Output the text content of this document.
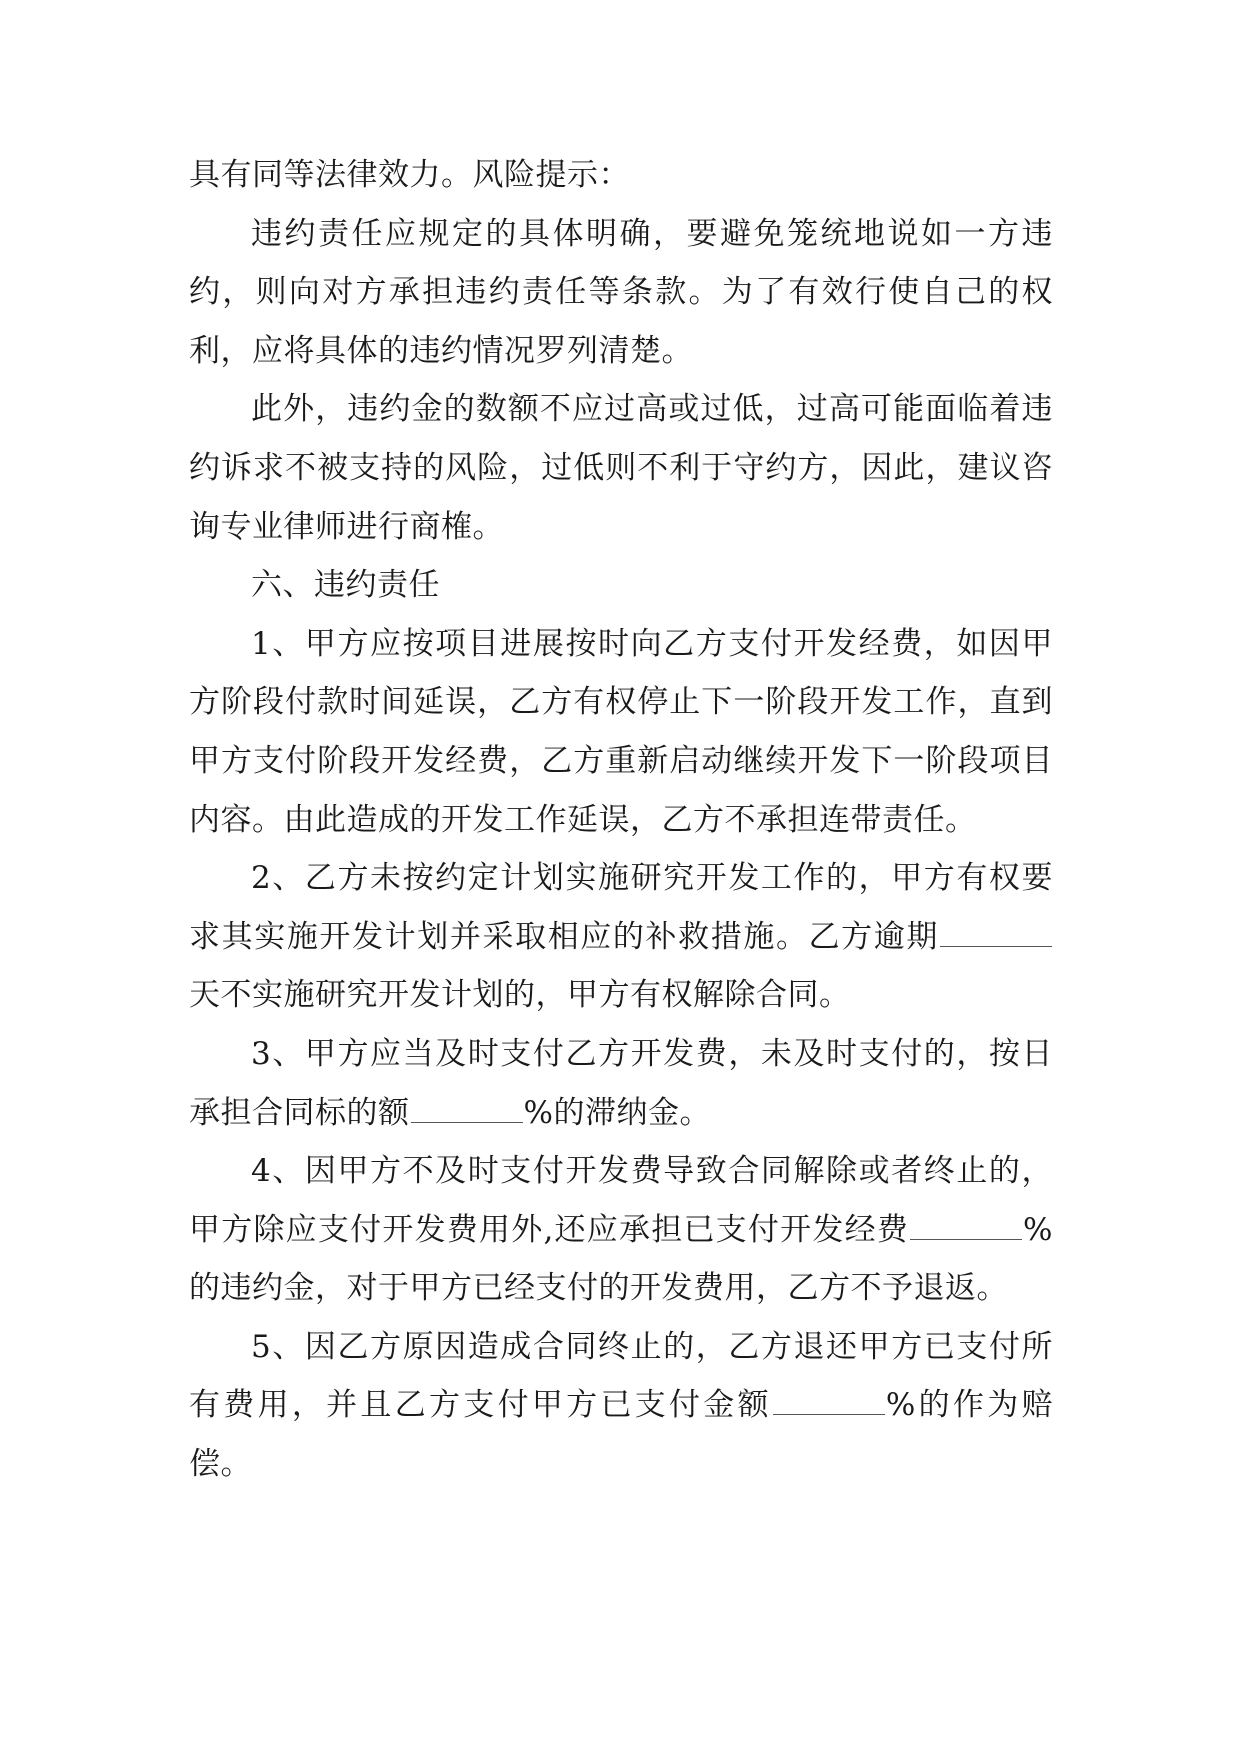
具有同等法律效力。风险提示：

违约责任应规定的具体明确，要避免笼统地说如一方违约，则向对方承担违约责任等条款。为了有效行使自己的权利，应将具体的违约情况罗列清楚。

此外，违约金的数额不应过高或过低，过高可能面临着违约诉求不被支持的风险，过低则不利于守约方，因此，建议咨询专业律师进行商榷。

六、违约责任

1、甲方应按项目进展按时向乙方支付开发经费，如因甲方阶段付款时间延误，乙方有权停止下一阶段开发工作，直到甲方支付阶段开发经费，乙方重新启动继续开发下一阶段项目内容。由此造成的开发工作延误，乙方不承担连带责任。

2、乙方未按约定计划实施研究开发工作的，甲方有权要求其实施开发计划并采取相应的补救措施。乙方逾期天不实施研究开发计划的，甲方有权解除合同。

3、甲方应当及时支付乙方开发费，未及时支付的，按日承担合同标的额	%的滞纳金。

4、因甲方不及时支付开发费导致合同解除或者终止的，甲方除应支付开发费用外,还应承担已支付开发经费	%的违约金，对于甲方已经支付的开发费用，乙方不予退返。

5、因乙方原因造成合同终止的，乙方退还甲方已支付所有费用，并且乙方支付甲方已支付金额	%的作为赔偿。
